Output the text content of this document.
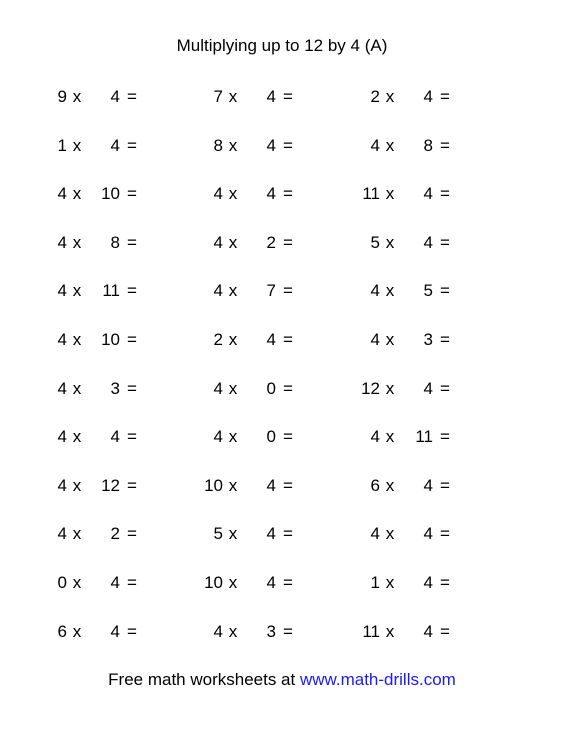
Multiplying up to 12 by 4 (A)
9 x	4 =	7 x	4 =	2 x	4 =
1 x	4 =	8 x	4 =	4 x	8 =
4 x	10 =	4 x	4 =	11 x	4 =
4 x	8 =	4 x	2 =	5 x	4 =
4 x	11 =	4 x	7 =	4 x	5 =
4 x	10 =	2 x	4 =	4 x	3 =
4 x	3 =	4 x	0 =	12 x	4 =
4 x	4 =	4 x	0 =	4 x	11 =
4 x	12 =	10 x	4 =	6 x	4 =
4 x	2 =	5 x	4 =	4 x	4 =
0 x	4 =	10 x	4 =	1 x	4 =
6 x	4 =	4 x	3 =	11 x	4 =
Free math worksheets at www.math-drills.com
